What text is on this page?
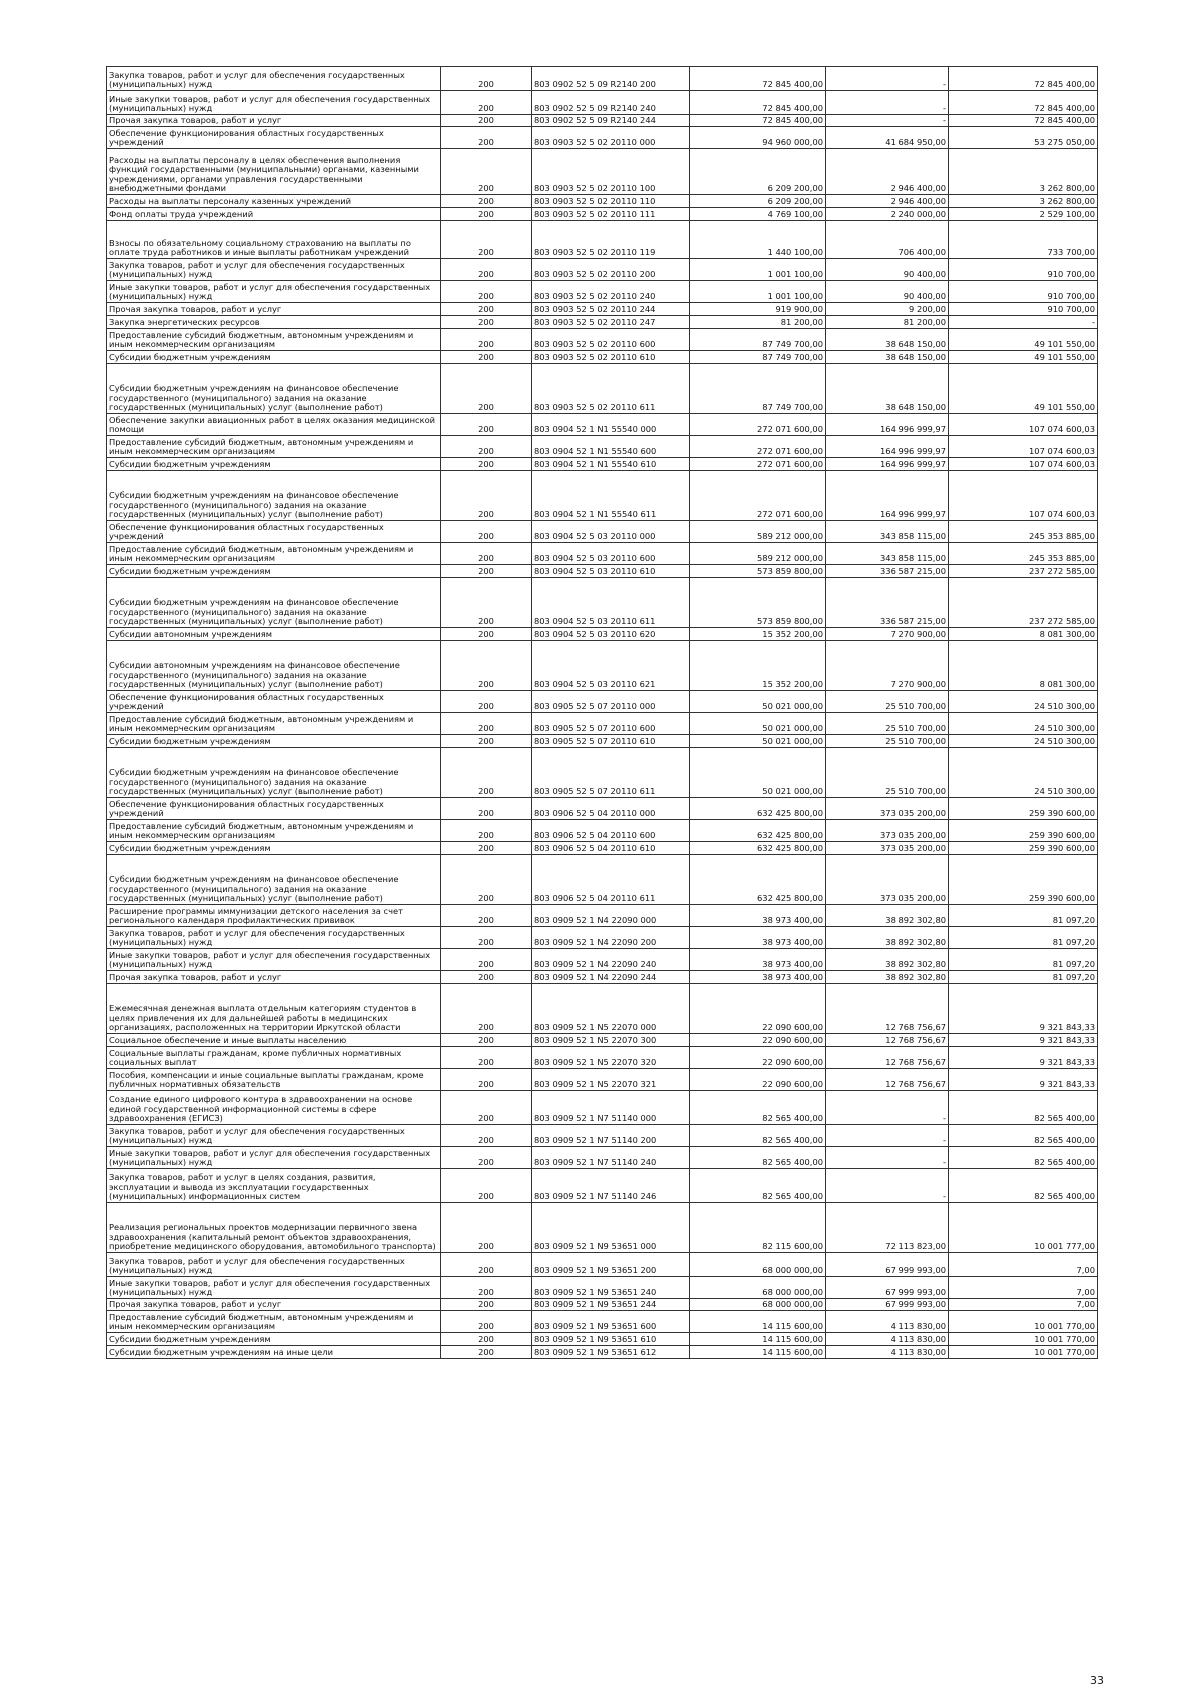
Закупка товаров, работ и услуг для обеспечения государственных (муниципальных) нужд	200	803 0902 52 5 09 R2140 200	72 845 400,00	-	72 845 400,00
Иные закупки товаров, работ и услуг для обеспечения государственных (муниципальных) нужд	200	803 0902 52 5 09 R2140 240	72 845 400,00	-	72 845 400,00
Прочая закупка товаров, работ и услуг	200	803 0902 52 5 09 R2140 244	72 845 400,00	-	72 845 400,00
Обеспечение функционирования областных государственных учреждений	200	803 0903 52 5 02 20110 000	94 960 000,00	41 684 950,00	53 275 050,00
Расходы на выплаты персоналу в целях обеспечения выполнения функций государственными (муниципальными) органами, казенными учреждениями, органами управления государственными внебюджетными фондами	200	803 0903 52 5 02 20110 100	6 209 200,00	2 946 400,00	3 262 800,00
Расходы на выплаты персоналу казенных учреждений	200	803 0903 52 5 02 20110 110	6 209 200,00	2 946 400,00	3 262 800,00
Фонд оплаты труда учреждений	200	803 0903 52 5 02 20110 111	4 769 100,00	2 240 000,00	2 529 100,00
Взносы по обязательному социальному страхованию на выплаты по оплате труда работников и иные выплаты работникам учреждений	200	803 0903 52 5 02 20110 119	1 440 100,00	706 400,00	733 700,00
Закупка товаров, работ и услуг для обеспечения государственных (муниципальных) нужд	200	803 0903 52 5 02 20110 200	1 001 100,00	90 400,00	910 700,00
Иные закупки товаров, работ и услуг для обеспечения государственных (муниципальных) нужд	200	803 0903 52 5 02 20110 240	1 001 100,00	90 400,00	910 700,00
Прочая закупка товаров, работ и услуг	200	803 0903 52 5 02 20110 244	919 900,00	9 200,00	910 700,00
Закупка энергетических ресурсов	200	803 0903 52 5 02 20110 247	81 200,00	81 200,00	-
Предоставление субсидий бюджетным, автономным учреждениям и иным некоммерческим организациям	200	803 0903 52 5 02 20110 600	87 749 700,00	38 648 150,00	49 101 550,00
Субсидии бюджетным учреждениям	200	803 0903 52 5 02 20110 610	87 749 700,00	38 648 150,00	49 101 550,00
Субсидии бюджетным учреждениям на финансовое обеспечение государственного (муниципального) задания на оказание государственных (муниципальных) услуг (выполнение работ)	200	803 0903 52 5 02 20110 611	87 749 700,00	38 648 150,00	49 101 550,00
Обеспечение закупки авиационных работ в целях оказания медицинской помощи	200	803 0904 52 1 N1 55540 000	272 071 600,00	164 996 999,97	107 074 600,03
Предоставление субсидий бюджетным, автономным учреждениям и иным некоммерческим организациям	200	803 0904 52 1 N1 55540 600	272 071 600,00	164 996 999,97	107 074 600,03
Субсидии бюджетным учреждениям	200	803 0904 52 1 N1 55540 610	272 071 600,00	164 996 999,97	107 074 600,03
Субсидии бюджетным учреждениям на финансовое обеспечение государственного (муниципального) задания на оказание государственных (муниципальных) услуг (выполнение работ)	200	803 0904 52 1 N1 55540 611	272 071 600,00	164 996 999,97	107 074 600,03
Обеспечение функционирования областных государственных учреждений	200	803 0904 52 5 03 20110 000	589 212 000,00	343 858 115,00	245 353 885,00
Предоставление субсидий бюджетным, автономным учреждениям и иным некоммерческим организациям	200	803 0904 52 5 03 20110 600	589 212 000,00	343 858 115,00	245 353 885,00
Субсидии бюджетным учреждениям	200	803 0904 52 5 03 20110 610	573 859 800,00	336 587 215,00	237 272 585,00
Субсидии бюджетным учреждениям на финансовое обеспечение государственного (муниципального) задания на оказание государственных (муниципальных) услуг (выполнение работ)	200	803 0904 52 5 03 20110 611	573 859 800,00	336 587 215,00	237 272 585,00
Субсидии автономным учреждениям	200	803 0904 52 5 03 20110 620	15 352 200,00	7 270 900,00	8 081 300,00
Субсидии автономным учреждениям на финансовое обеспечение государственного (муниципального) задания на оказание государственных (муниципальных) услуг (выполнение работ)	200	803 0904 52 5 03 20110 621	15 352 200,00	7 270 900,00	8 081 300,00
Обеспечение функционирования областных государственных учреждений	200	803 0905 52 5 07 20110 000	50 021 000,00	25 510 700,00	24 510 300,00
Предоставление субсидий бюджетным, автономным учреждениям и иным некоммерческим организациям	200	803 0905 52 5 07 20110 600	50 021 000,00	25 510 700,00	24 510 300,00
Субсидии бюджетным учреждениям	200	803 0905 52 5 07 20110 610	50 021 000,00	25 510 700,00	24 510 300,00
Субсидии бюджетным учреждениям на финансовое обеспечение государственного (муниципального) задания на оказание государственных (муниципальных) услуг (выполнение работ)	200	803 0905 52 5 07 20110 611	50 021 000,00	25 510 700,00	24 510 300,00
Обеспечение функционирования областных государственных учреждений	200	803 0906 52 5 04 20110 000	632 425 800,00	373 035 200,00	259 390 600,00
Предоставление субсидий бюджетным, автономным учреждениям и иным некоммерческим организациям	200	803 0906 52 5 04 20110 600	632 425 800,00	373 035 200,00	259 390 600,00
Субсидии бюджетным учреждениям	200	803 0906 52 5 04 20110 610	632 425 800,00	373 035 200,00	259 390 600,00
Субсидии бюджетным учреждениям на финансовое обеспечение государственного (муниципального) задания на оказание государственных (муниципальных) услуг (выполнение работ)	200	803 0906 52 5 04 20110 611	632 425 800,00	373 035 200,00	259 390 600,00
Расширение программы иммунизации детского населения за счет регионального календаря профилактических прививок	200	803 0909 52 1 N4 22090 000	38 973 400,00	38 892 302,80	81 097,20
Закупка товаров, работ и услуг для обеспечения государственных (муниципальных) нужд	200	803 0909 52 1 N4 22090 200	38 973 400,00	38 892 302,80	81 097,20
Иные закупки товаров, работ и услуг для обеспечения государственных (муниципальных) нужд	200	803 0909 52 1 N4 22090 240	38 973 400,00	38 892 302,80	81 097,20
Прочая закупка товаров, работ и услуг	200	803 0909 52 1 N4 22090 244	38 973 400,00	38 892 302,80	81 097,20
Ежемесячная денежная выплата отдельным категориям студентов в целях привлечения их для дальнейшей работы в медицинских организациях, расположенных на территории Иркутской области	200	803 0909 52 1 N5 22070 000	22 090 600,00	12 768 756,67	9 321 843,33
Социальное обеспечение и иные выплаты населению	200	803 0909 52 1 N5 22070 300	22 090 600,00	12 768 756,67	9 321 843,33
Социальные выплаты гражданам, кроме публичных нормативных социальных выплат	200	803 0909 52 1 N5 22070 320	22 090 600,00	12 768 756,67	9 321 843,33
Пособия, компенсации и иные социальные выплаты гражданам, кроме публичных нормативных обязательств	200	803 0909 52 1 N5 22070 321	22 090 600,00	12 768 756,67	9 321 843,33
Создание единого цифрового контура в здравоохранении на основе единой государственной информационной системы в сфере здравоохранения (ЕГИСЗ)	200	803 0909 52 1 N7 51140 000	82 565 400,00	-	82 565 400,00
Закупка товаров, работ и услуг для обеспечения государственных (муниципальных) нужд	200	803 0909 52 1 N7 51140 200	82 565 400,00	-	82 565 400,00
Иные закупки товаров, работ и услуг для обеспечения государственных (муниципальных) нужд	200	803 0909 52 1 N7 51140 240	82 565 400,00	-	82 565 400,00
Закупка товаров, работ и услуг в целях создания, развития, эксплуатации и вывода из эксплуатации государственных (муниципальных) информационных систем	200	803 0909 52 1 N7 51140 246	82 565 400,00	-	82 565 400,00
Реализация региональных проектов модернизации первичного звена здравоохранения (капитальный ремонт объектов здравоохранения, приобретение медицинского оборудования, автомобильного транспорта)	200	803 0909 52 1 N9 53651 000	82 115 600,00	72 113 823,00	10 001 777,00
Закупка товаров, работ и услуг для обеспечения государственных (муниципальных) нужд	200	803 0909 52 1 N9 53651 200	68 000 000,00	67 999 993,00	7,00
Иные закупки товаров, работ и услуг для обеспечения государственных (муниципальных) нужд	200	803 0909 52 1 N9 53651 240	68 000 000,00	67 999 993,00	7,00
Прочая закупка товаров, работ и услуг	200	803 0909 52 1 N9 53651 244	68 000 000,00	67 999 993,00	7,00
Предоставление субсидий бюджетным, автономным учреждениям и иным некоммерческим организациям	200	803 0909 52 1 N9 53651 600	14 115 600,00	4 113 830,00	10 001 770,00
Субсидии бюджетным учреждениям	200	803 0909 52 1 N9 53651 610	14 115 600,00	4 113 830,00	10 001 770,00
Субсидии бюджетным учреждениям на иные цели	200	803 0909 52 1 N9 53651 612	14 115 600,00	4 113 830,00	10 001 770,00
33
